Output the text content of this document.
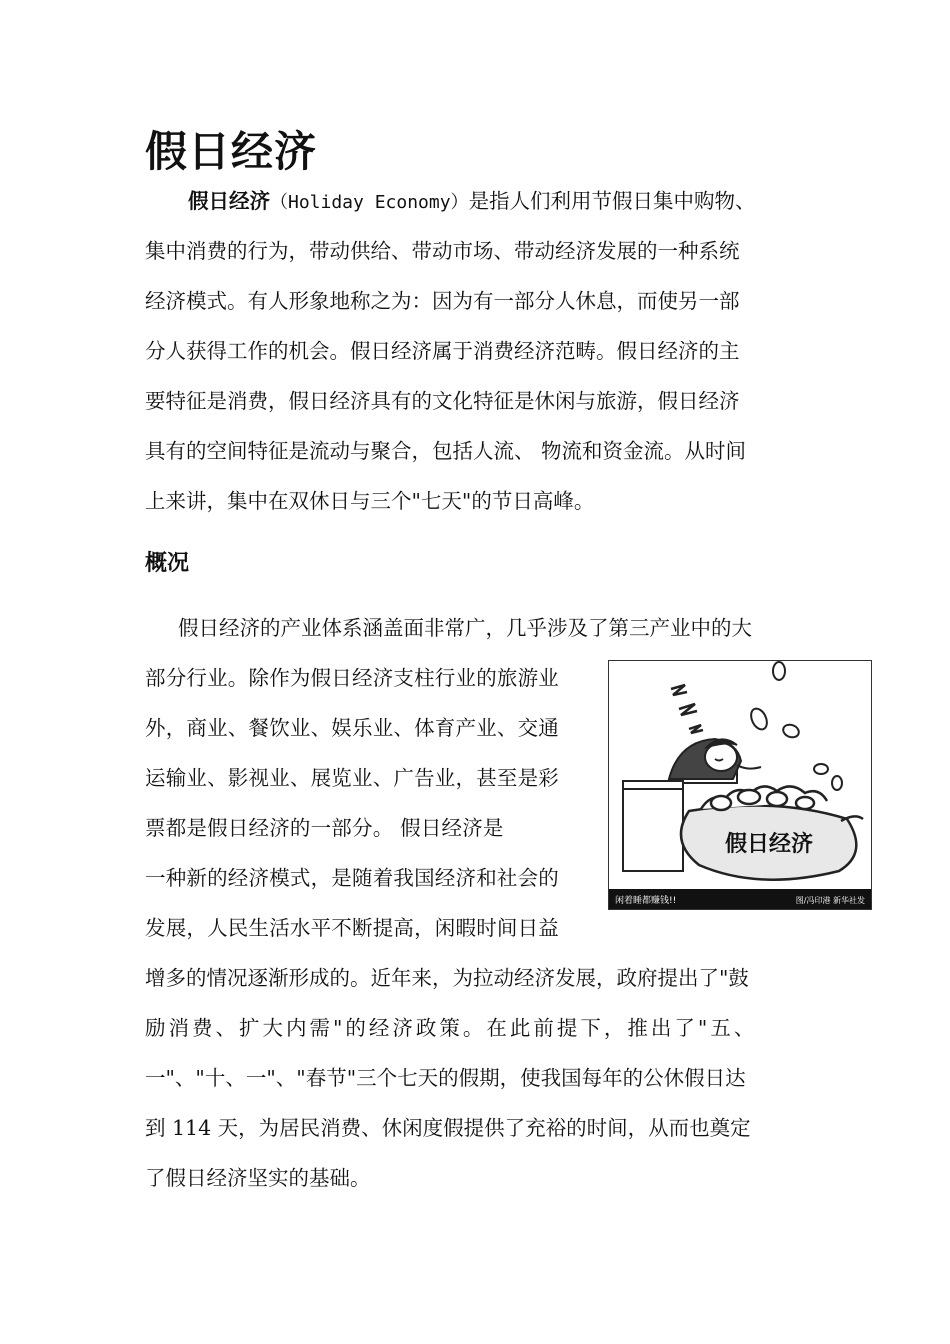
假日经济
假日经济（Holiday Economy）是指人们利用节假日集中购物、
集中消费的行为，带动供给、带动市场、带动经济发展的一种系统
经济模式。有人形象地称之为：因为有一部分人休息，而使另一部
分人获得工作的机会。假日经济属于消费经济范畴。假日经济的主
要特征是消费，假日经济具有的文化特征是休闲与旅游，假日经济
具有的空间特征是流动与聚合，包括人流、 物流和资金流。从时间
上来讲，集中在双休日与三个"七天"的节日高峰。
概况
假日经济的产业体系涵盖面非常广，几乎涉及了第三产业中的大
部分行业。除作为假日经济支柱行业的旅游业
外，商业、餐饮业、娱乐业、体育产业、交通
运输业、影视业、展览业、广告业，甚至是彩
票都是假日经济的一部分。 假日经济是
一种新的经济模式，是随着我国经济和社会的
发展，人民生活水平不断提高，闲暇时间日益
增多的情况逐渐形成的。近年来，为拉动经济发展，政府提出了"鼓
励消费、扩大内需"的经济政策。在此前提下，推出了"五、
一"、"十、一"、"春节"三个七天的假期，使我国每年的公休假日达
到 114 天，为居民消费、休闲度假提供了充裕的时间，从而也奠定
了假日经济坚实的基础。
假日经济
闲着睡都赚钱!!	图/冯印港 新华社发
